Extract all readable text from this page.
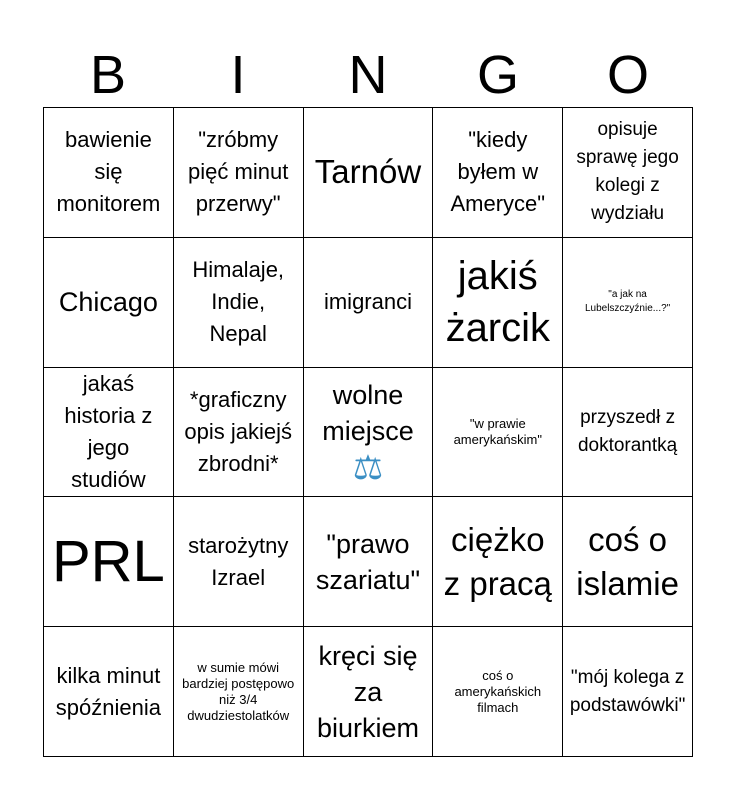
B	I	N	G	O
bawienie się monitorem
"zróbmy pięć minut przerwy"
Tarnów
"kiedy byłem w Ameryce"
opisuje sprawę jego kolegi z wydziału
Chicago
Himalaje, Indie, Nepal
imigranci
jakiś żarcik
"a jak na Lubelszczyźnie...?"
jakaś historia z jego studiów
*graficzny opis jakiejś zbrodni*
wolne miejsce
⚖
"w prawie amerykańskim"
przyszedł z doktorantką
PRL	starożytny Izrael
"prawo szariatu"
ciężko z pracą
coś o islamie
kilka minut spóźnienia
w sumie mówi bardziej postępowo niż 3/4 dwudziestolatków
kręci się za biurkiem
coś o amerykańskich filmach
"mój kolega z podstawówki"
